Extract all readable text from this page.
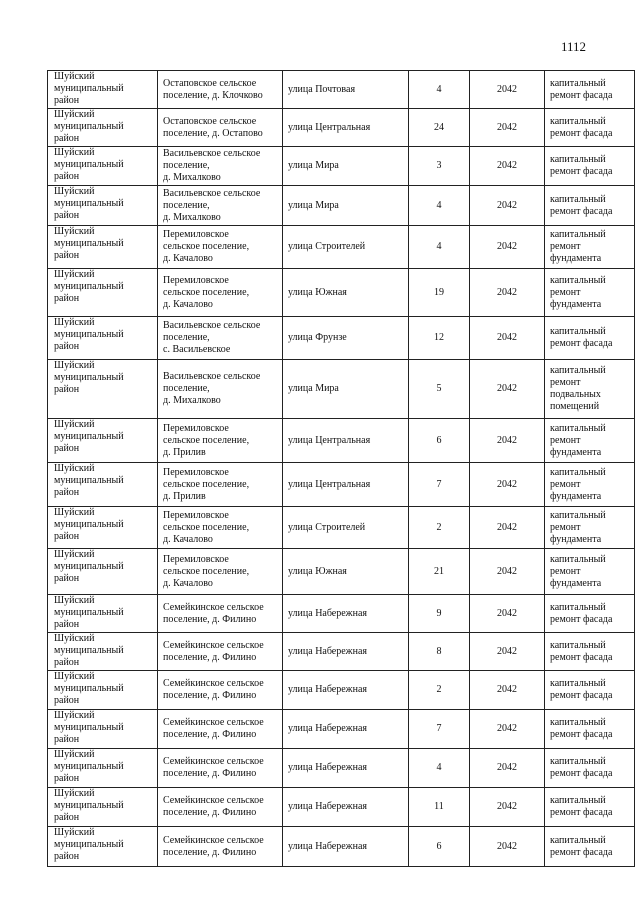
1112
Шуйский
муниципальный
район	Остаповское сельское
поселение, д. Клочково	улица Почтовая	4	2042	капитальный
ремонт фасада

Шуйский
муниципальный
район	Остаповское сельское
поселение, д. Остапово	улица Центральная	24	2042	капитальный
ремонт фасада

Шуйский
муниципальный
район	Васильевское сельское
поселение,
д. Михалково	улица Мира	3	2042	капитальный
ремонт фасада

Шуйский
муниципальный
район	Васильевское сельское
поселение,
д. Михалково	улица Мира	4	2042	капитальный
ремонт фасада

Шуйский
муниципальный
район	Перемиловское
сельское поселение,
д. Качалово	улица Строителей	4	2042	капитальный
ремонт
фундамента

Шуйский
муниципальный
район	Перемиловское
сельское поселение,
д. Качалово	улица Южная	19	2042	капитальный
ремонт
фундамента

Шуйский
муниципальный
район	Васильевское сельское
поселение,
с. Васильевское	улица Фрунзе	12	2042	капитальный
ремонт фасада

Шуйский
муниципальный
район	Васильевское сельское
поселение,
д. Михалково	улица Мира	5	2042	капитальный
ремонт
подвальных
помещений

Шуйский
муниципальный
район	Перемиловское
сельское поселение,
д. Прилив	улица Центральная	6	2042	капитальный
ремонт
фундамента

Шуйский
муниципальный
район	Перемиловское
сельское поселение,
д. Прилив	улица Центральная	7	2042	капитальный
ремонт
фундамента

Шуйский
муниципальный
район	Перемиловское
сельское поселение,
д. Качалово	улица Строителей	2	2042	капитальный
ремонт
фундамента

Шуйский
муниципальный
район	Перемиловское
сельское поселение,
д. Качалово	улица Южная	21	2042	капитальный
ремонт
фундамента

Шуйский
муниципальный
район	Семейкинское сельское
поселение, д. Филино	улица Набережная	9	2042	капитальный
ремонт фасада

Шуйский
муниципальный
район	Семейкинское сельское
поселение, д. Филино	улица Набережная	8	2042	капитальный
ремонт фасада

Шуйский
муниципальный
район	Семейкинское сельское
поселение, д. Филино	улица Набережная	2	2042	капитальный
ремонт фасада

Шуйский
муниципальный
район	Семейкинское сельское
поселение, д. Филино	улица Набережная	7	2042	капитальный
ремонт фасада

Шуйский
муниципальный
район	Семейкинское сельское
поселение, д. Филино	улица Набережная	4	2042	капитальный
ремонт фасада

Шуйский
муниципальный
район	Семейкинское сельское
поселение, д. Филино	улица Набережная	11	2042	капитальный
ремонт фасада

Шуйский
муниципальный
район	Семейкинское сельское
поселение, д. Филино	улица Набережная	6	2042	капитальный
ремонт фасада
